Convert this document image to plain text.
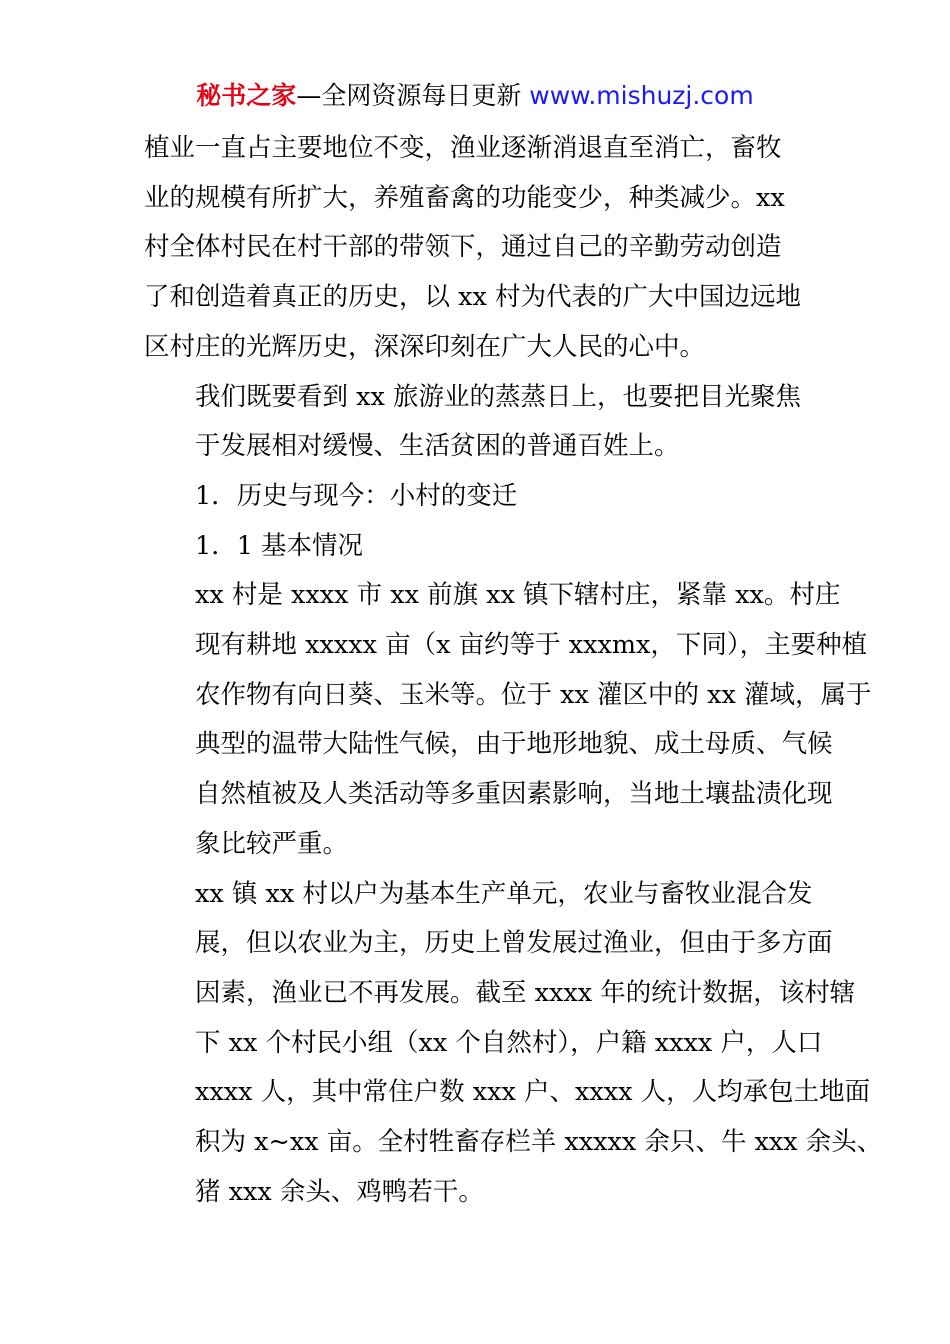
秘书之家—全网资源每日更新 www.mishuzj.com

植业一直占主要地位不变，渔业逐渐消退直至消亡，畜牧
业的规模有所扩大，养殖畜禽的功能变少，种类减少。xx
村全体村民在村干部的带领下，通过自己的辛勤劳动创造
了和创造着真正的历史，以 xx 村为代表的广大中国边远地
区村庄的光辉历史，深深印刻在广大人民的心中。

我们既要看到 xx 旅游业的蒸蒸日上，也要把目光聚焦
于发展相对缓慢、生活贫困的普通百姓上。

1．历史与现今：小村的变迁

1．1 基本情况

xx 村是 xxxx 市 xx 前旗 xx 镇下辖村庄，紧靠 xx。村庄
现有耕地 xxxxx 亩（x 亩约等于 xxxmx，下同），主要种植
农作物有向日葵、玉米等。位于 xx 灌区中的 xx 灌域，属于
典型的温带大陆性气候，由于地形地貌、成土母质、气候
自然植被及人类活动等多重因素影响，当地土壤盐渍化现
象比较严重。

xx 镇 xx 村以户为基本生产单元，农业与畜牧业混合发
展，但以农业为主，历史上曾发展过渔业，但由于多方面
因素，渔业已不再发展。截至 xxxx 年的统计数据，该村辖
下 xx 个村民小组（xx 个自然村），户籍 xxxx 户，人口
xxxx 人，其中常住户数 xxx 户、xxxx 人，人均承包土地面
积为 x~xx 亩。全村牲畜存栏羊 xxxxx 余只、牛 xxx 余头、
猪 xxx 余头、鸡鸭若干。
